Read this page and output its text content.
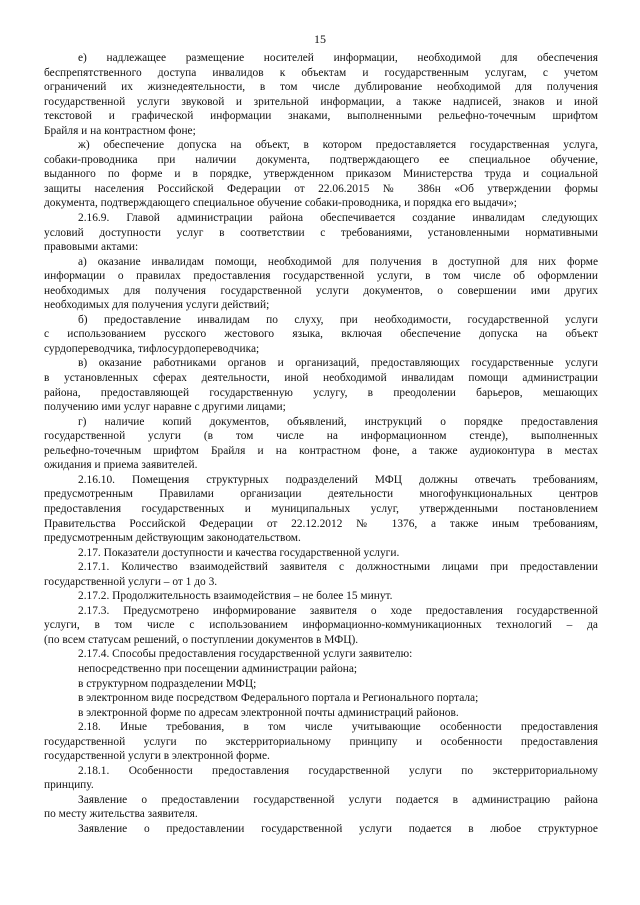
15
е) надлежащее размещение носителей информации, необходимой для обеспечения
беспрепятственного доступа инвалидов к объектам и государственным услугам, с учетом
ограничений их жизнедеятельности, в том числе дублирование необходимой для получения
государственной услуги звуковой и зрительной информации, а также надписей, знаков и иной
текстовой и графической информации знаками, выполненными рельефно-точечным шрифтом
Брайля и на контрастном фоне;
ж) обеспечение допуска на объект, в котором предоставляется государственная услуга,
собаки-проводника при наличии документа, подтверждающего ее специальное обучение,
выданного по форме и в порядке, утвержденном приказом Министерства труда и социальной
защиты населения Российской Федерации от 22.06.2015 № 386н «Об утверждении формы
документа, подтверждающего специальное обучение собаки-проводника, и порядка его выдачи»;
2.16.9. Главой администрации района обеспечивается создание инвалидам следующих
условий доступности услуг в соответствии с требованиями, установленными нормативными
правовыми актами:
а) оказание инвалидам помощи, необходимой для получения в доступной для них форме
информации о правилах предоставления государственной услуги, в том числе об оформлении
необходимых для получения государственной услуги документов, о совершении ими других
необходимых для получения услуги действий;
б) предоставление инвалидам по слуху, при необходимости, государственной услуги
с использованием русского жестового языка, включая обеспечение допуска на объект
сурдопереводчика, тифлосурдопереводчика;
в) оказание работниками органов и организаций, предоставляющих государственные услуги
в установленных сферах деятельности, иной необходимой инвалидам помощи администрации
района, предоставляющей государственную услугу, в преодолении барьеров, мешающих
получению ими услуг наравне с другими лицами;
г) наличие копий документов, объявлений, инструкций о порядке предоставления
государственной услуги (в том числе на информационном стенде), выполненных
рельефно-точечным шрифтом Брайля и на контрастном фоне, а также аудиоконтура в местах
ожидания и приема заявителей.
2.16.10. Помещения структурных подразделений МФЦ должны отвечать требованиям,
предусмотренным Правилами организации деятельности многофункциональных центров
предоставления государственных и муниципальных услуг, утвержденными постановлением
Правительства Российской Федерации от 22.12.2012 № 1376, а также иным требованиям,
предусмотренным действующим законодательством.
2.17. Показатели доступности и качества государственной услуги.
2.17.1. Количество взаимодействий заявителя с должностными лицами при предоставлении
государственной услуги – от 1 до 3.
2.17.2. Продолжительность взаимодействия – не более 15 минут.
2.17.3. Предусмотрено информирование заявителя о ходе предоставления государственной
услуги, в том числе с использованием информационно-коммуникационных технологий – да
(по всем статусам решений, о поступлении документов в МФЦ).
2.17.4. Способы предоставления государственной услуги заявителю:
непосредственно при посещении администрации района;
в структурном подразделении МФЦ;
в электронном виде посредством Федерального портала и Регионального портала;
в электронной форме по адресам электронной почты администраций районов.
2.18. Иные требования, в том числе учитывающие особенности предоставления
государственной услуги по экстерриториальному принципу и особенности предоставления
государственной услуги в электронной форме.
2.18.1. Особенности предоставления государственной услуги по экстерриториальному
принципу.
Заявление о предоставлении государственной услуги подается в администрацию района
по месту жительства заявителя.
Заявление о предоставлении государственной услуги подается в любое структурное
